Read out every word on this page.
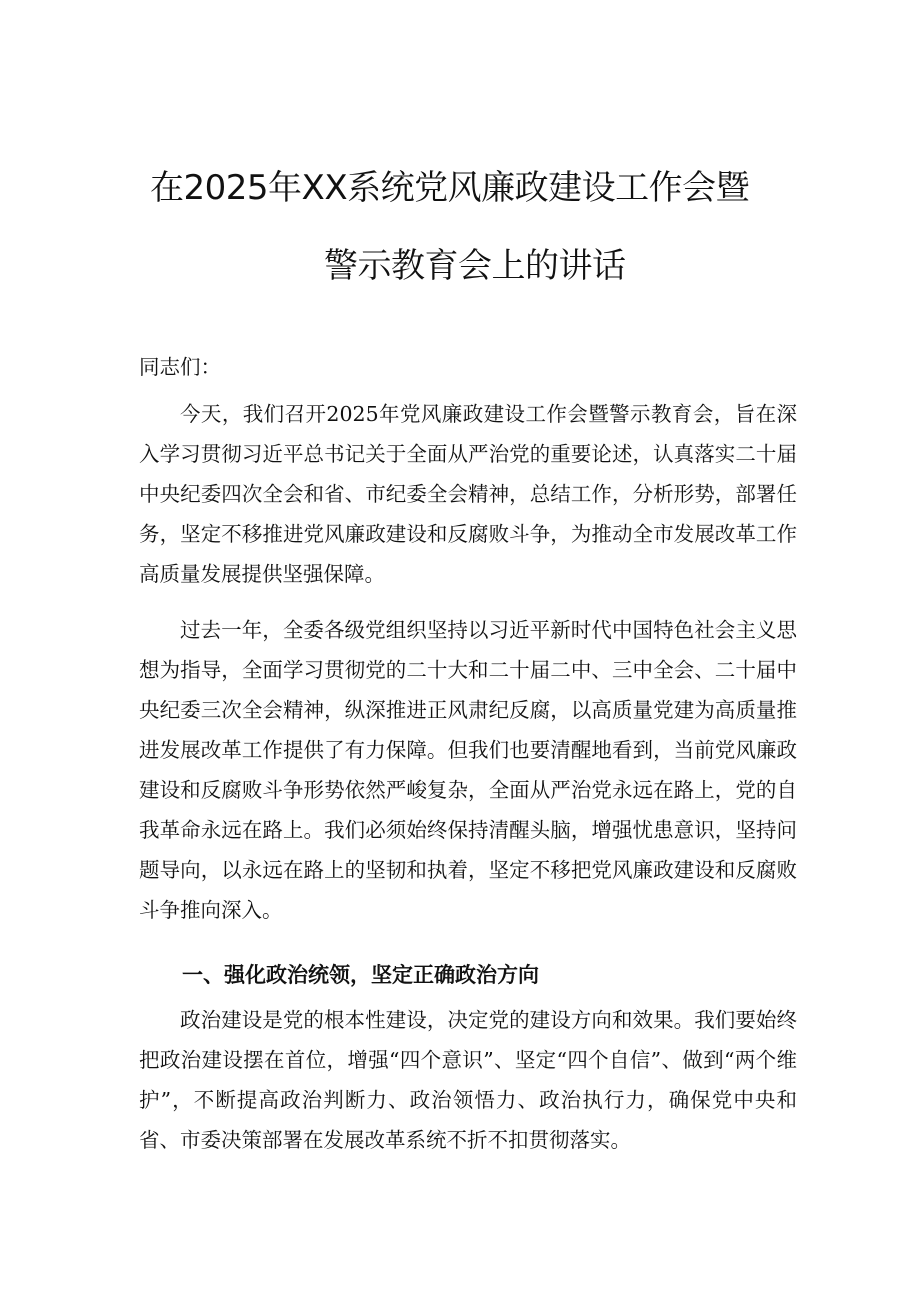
在2025年XX系统党风廉政建设工作会暨
警示教育会上的讲话

同志们：

今天，我们召开2025年党风廉政建设工作会暨警示教育会，旨在深入学习贯彻习近平总书记关于全面从严治党的重要论述，认真落实二十届中央纪委四次全会和省、市纪委全会精神，总结工作，分析形势，部署任务，坚定不移推进党风廉政建设和反腐败斗争，为推动全市发展改革工作高质量发展提供坚强保障。

过去一年，全委各级党组织坚持以习近平新时代中国特色社会主义思想为指导，全面学习贯彻党的二十大和二十届二中、三中全会、二十届中央纪委三次全会精神，纵深推进正风肃纪反腐，以高质量党建为高质量推进发展改革工作提供了有力保障。但我们也要清醒地看到，当前党风廉政建设和反腐败斗争形势依然严峻复杂，全面从严治党永远在路上，党的自我革命永远在路上。我们必须始终保持清醒头脑，增强忧患意识，坚持问题导向，以永远在路上的坚韧和执着，坚定不移把党风廉政建设和反腐败斗争推向深入。

一、强化政治统领，坚定正确政治方向

政治建设是党的根本性建设，决定党的建设方向和效果。我们要始终把政治建设摆在首位，增强“四个意识”、坚定“四个自信”、做到“两个维护”，不断提高政治判断力、政治领悟力、政治执行力，确保党中央和省、市委决策部署在发展改革系统不折不扣贯彻落实。
